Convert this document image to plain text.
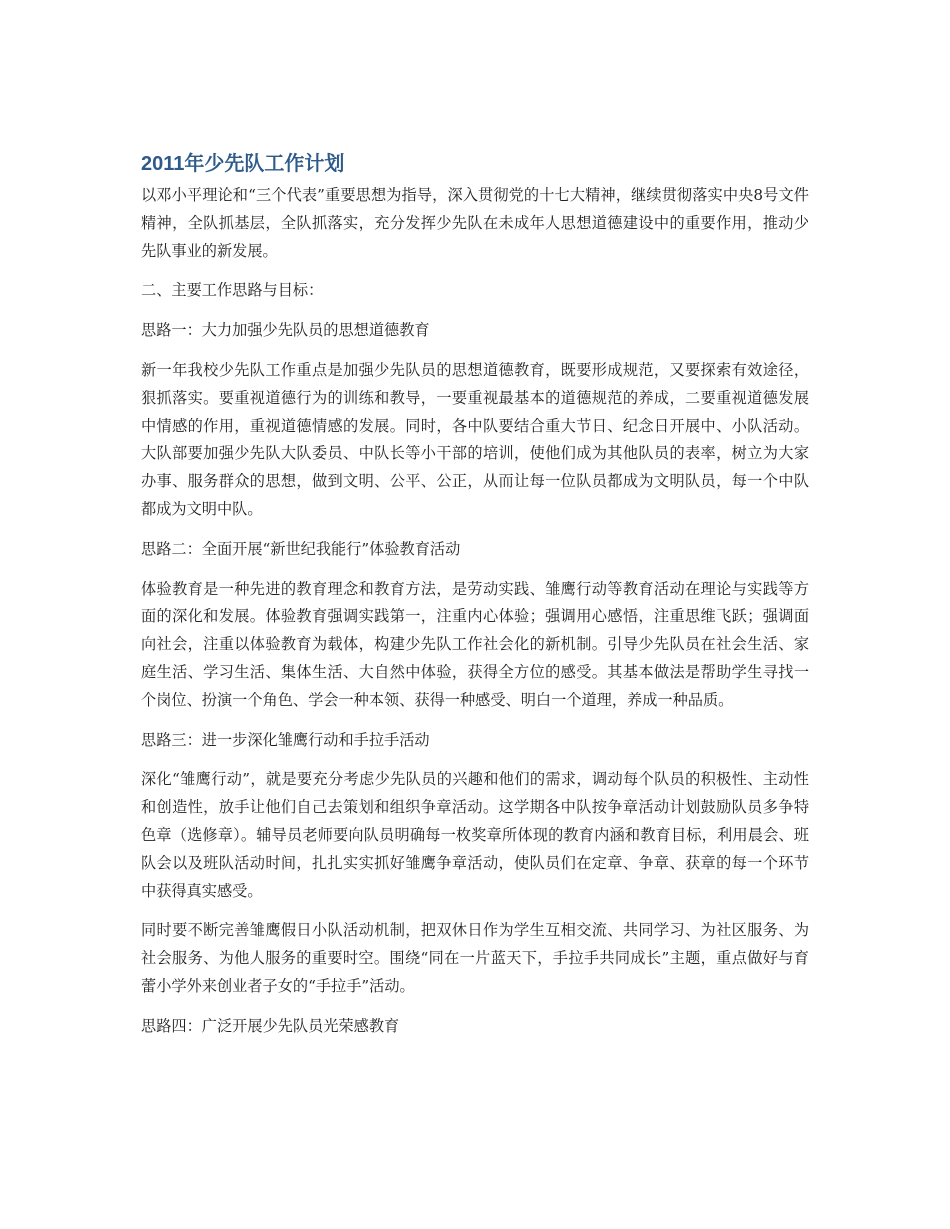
2011年少先队工作计划

以邓小平理论和“三个代表”重要思想为指导，深入贯彻党的十七大精神，继续贯彻落实中央8号文件精神，全队抓基层，全队抓落实，充分发挥少先队在未成年人思想道德建设中的重要作用，推动少先队事业的新发展。

二、主要工作思路与目标：

思路一：大力加强少先队员的思想道德教育

新一年我校少先队工作重点是加强少先队员的思想道德教育，既要形成规范，又要探索有效途径，狠抓落实。要重视道德行为的训练和教导，一要重视最基本的道德规范的养成，二要重视道德发展中情感的作用，重视道德情感的发展。同时，各中队要结合重大节日、纪念日开展中、小队活动。大队部要加强少先队大队委员、中队长等小干部的培训，使他们成为其他队员的表率，树立为大家办事、服务群众的思想，做到文明、公平、公正，从而让每一位队员都成为文明队员，每一个中队都成为文明中队。

思路二：全面开展“新世纪我能行”体验教育活动

体验教育是一种先进的教育理念和教育方法，是劳动实践、雏鹰行动等教育活动在理论与实践等方面的深化和发展。体验教育强调实践第一，注重内心体验；强调用心感悟，注重思维飞跃；强调面向社会，注重以体验教育为载体，构建少先队工作社会化的新机制。引导少先队员在社会生活、家庭生活、学习生活、集体生活、大自然中体验，获得全方位的感受。其基本做法是帮助学生寻找一个岗位、扮演一个角色、学会一种本领、获得一种感受、明白一个道理，养成一种品质。

思路三：进一步深化雏鹰行动和手拉手活动

深化“雏鹰行动”，就是要充分考虑少先队员的兴趣和他们的需求，调动每个队员的积极性、主动性和创造性，放手让他们自己去策划和组织争章活动。这学期各中队按争章活动计划鼓励队员多争特色章（选修章）。辅导员老师要向队员明确每一枚奖章所体现的教育内涵和教育目标，利用晨会、班队会以及班队活动时间，扎扎实实抓好雏鹰争章活动，使队员们在定章、争章、获章的每一个环节中获得真实感受。

同时要不断完善雏鹰假日小队活动机制，把双休日作为学生互相交流、共同学习、为社区服务、为社会服务、为他人服务的重要时空。围绕“同在一片蓝天下，手拉手共同成长”主题，重点做好与育蕾小学外来创业者子女的“手拉手”活动。

思路四：广泛开展少先队员光荣感教育
